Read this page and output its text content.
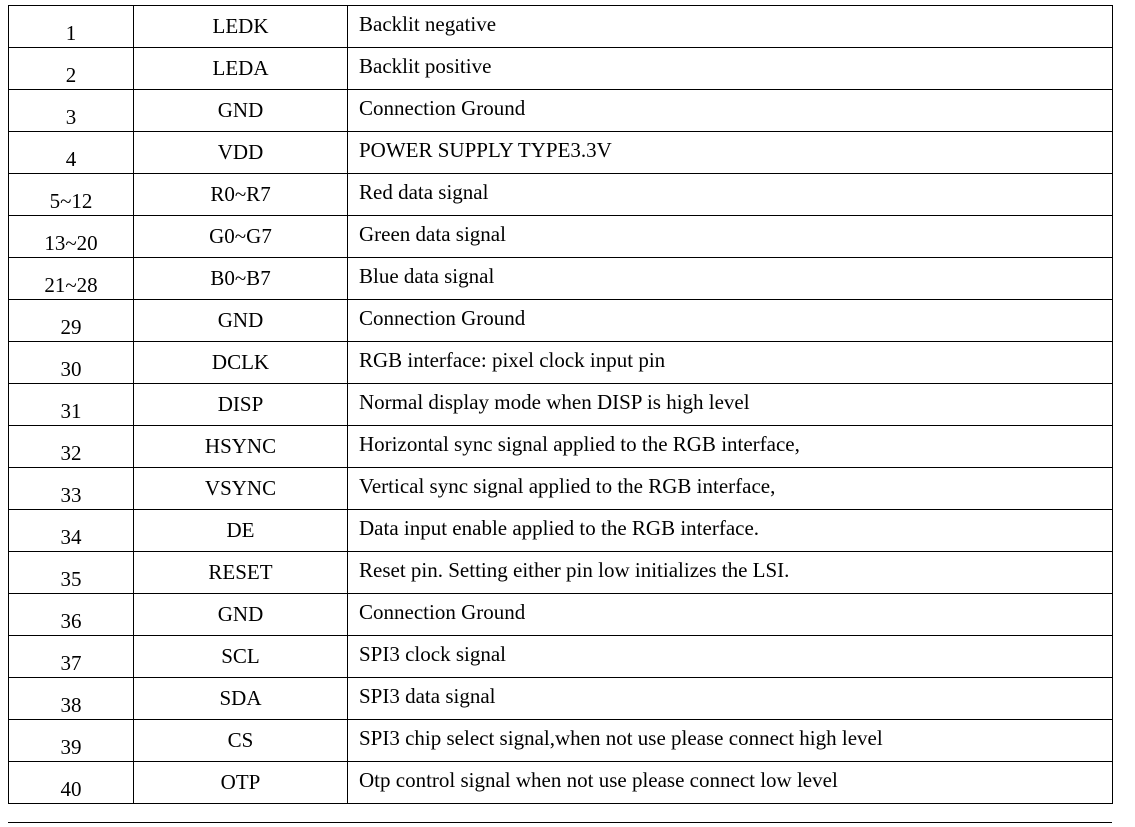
1	LEDK	Backlit negative
2	LEDA	Backlit positive
3	GND	Connection Ground
4	VDD	POWER SUPPLY TYPE3.3V
5~12	R0~R7	Red data signal
13~20	G0~G7	Green data signal
21~28	B0~B7	Blue data signal
29	GND	Connection Ground
30	DCLK	RGB interface: pixel clock input pin
31	DISP	Normal display mode when DISP is high level
32	HSYNC	Horizontal sync signal applied to the RGB interface,
33	VSYNC	Vertical sync signal applied to the RGB interface,
34	DE	Data input enable applied to the RGB interface.
35	RESET	Reset pin. Setting either pin low initializes the LSI.
36	GND	Connection Ground
37	SCL	SPI3 clock signal
38	SDA	SPI3 data signal
39	CS	SPI3 chip select signal,when not use please connect high level
40	OTP	Otp control signal when not use please connect low level
